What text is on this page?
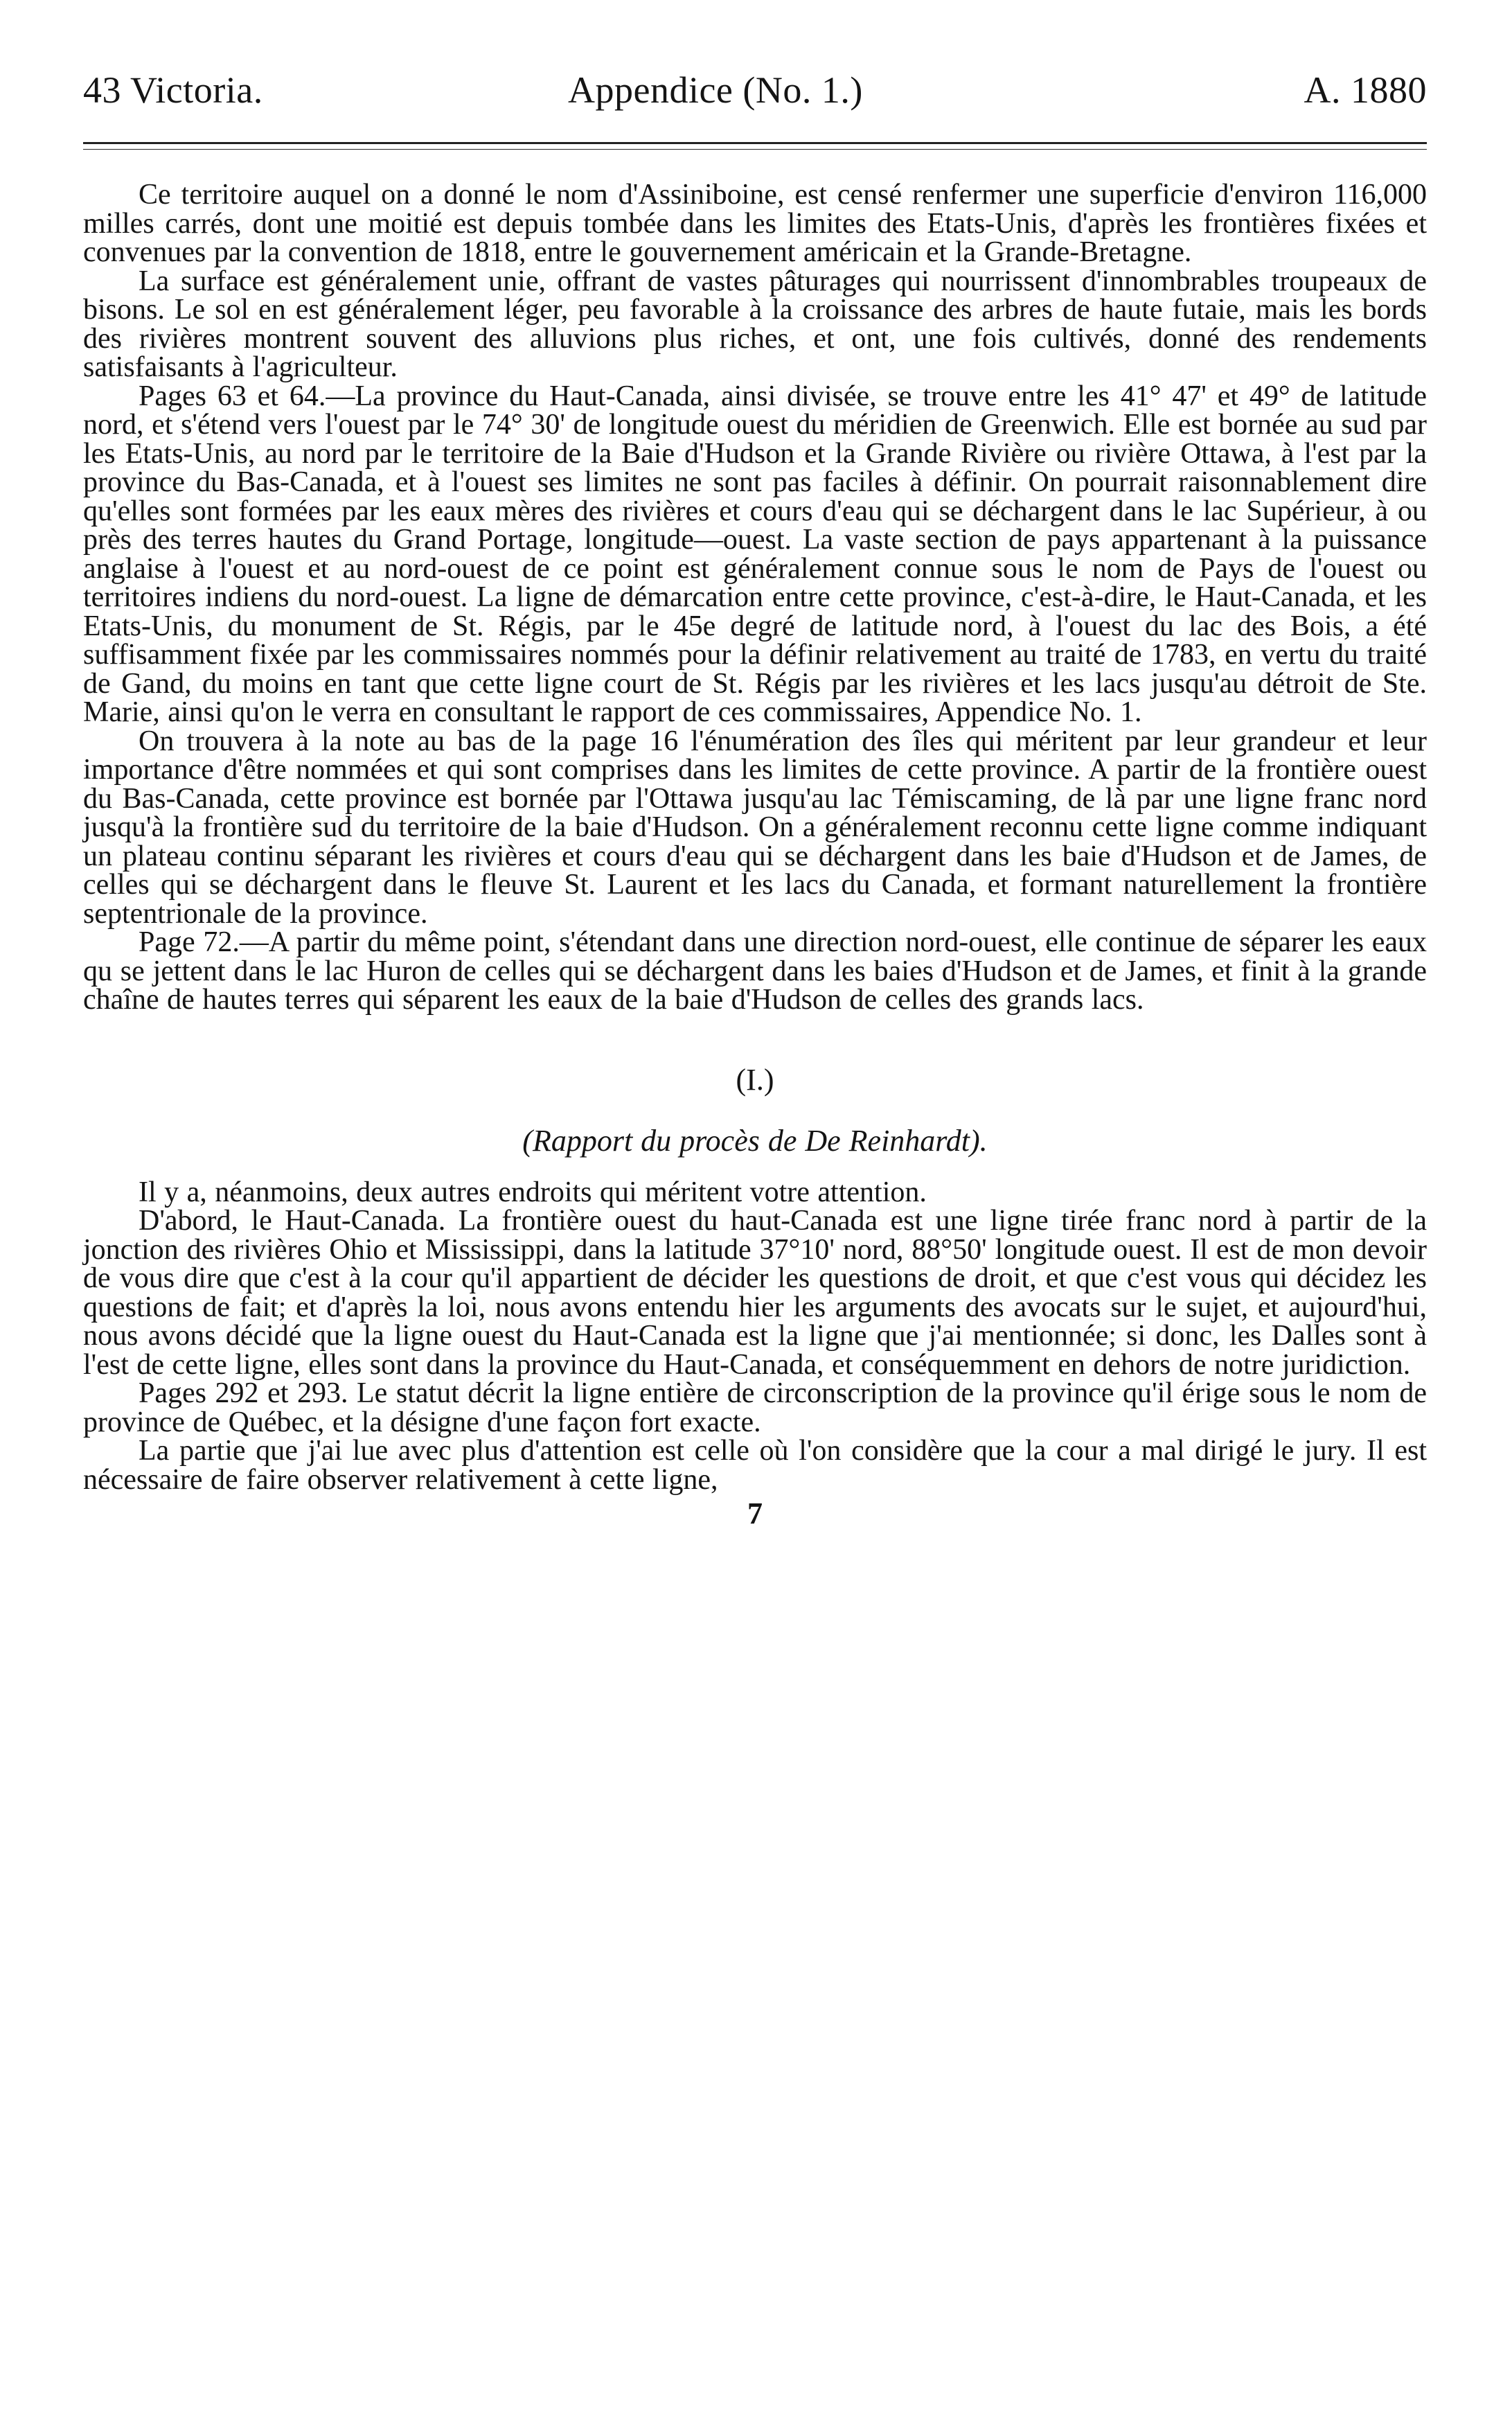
43 Victoria.	Appendice (No. 1.)	A. 1880

Ce territoire auquel on a donné le nom d'Assiniboine, est censé renfermer une superficie d'environ 116,000 milles carrés, dont une moitié est depuis tombée dans les limites des Etats-Unis, d'après les frontières fixées et convenues par la convention de 1818, entre le gouvernement américain et la Grande-Bretagne.

La surface est généralement unie, offrant de vastes pâturages qui nourrissent d'innombrables troupeaux de bisons. Le sol en est généralement léger, peu favorable à la croissance des arbres de haute futaie, mais les bords des rivières montrent souvent des alluvions plus riches, et ont, une fois cultivés, donné des rendements satisfaisants à l'agriculteur.

Pages 63 et 64.—La province du Haut-Canada, ainsi divisée, se trouve entre les 41° 47' et 49° de latitude nord, et s'étend vers l'ouest par le 74° 30' de longitude ouest du méridien de Greenwich. Elle est bornée au sud par les Etats-Unis, au nord par le territoire de la Baie d'Hudson et la Grande Rivière ou rivière Ottawa, à l'est par la province du Bas-Canada, et à l'ouest ses limites ne sont pas faciles à définir. On pourrait raisonnablement dire qu'elles sont formées par les eaux mères des rivières et cours d'eau qui se déchargent dans le lac Supérieur, à ou près des terres hautes du Grand Portage, longitude—ouest. La vaste section de pays appartenant à la puissance anglaise à l'ouest et au nord-ouest de ce point est généralement connue sous le nom de Pays de l'ouest ou territoires indiens du nord-ouest. La ligne de démarcation entre cette province, c'est-à-dire, le Haut-Canada, et les Etats-Unis, du monument de St. Régis, par le 45e degré de latitude nord, à l'ouest du lac des Bois, a été suffisamment fixée par les commissaires nommés pour la définir relativement au traité de 1783, en vertu du traité de Gand, du moins en tant que cette ligne court de St. Régis par les rivières et les lacs jusqu'au détroit de Ste. Marie, ainsi qu'on le verra en consultant le rapport de ces commissaires, Appendice No. 1.

On trouvera à la note au bas de la page 16 l'énumération des îles qui méritent par leur grandeur et leur importance d'être nommées et qui sont comprises dans les limites de cette province. A partir de la frontière ouest du Bas-Canada, cette province est bornée par l'Ottawa jusqu'au lac Témiscaming, de là par une ligne franc nord jusqu'à la frontière sud du territoire de la baie d'Hudson. On a généralement reconnu cette ligne comme indiquant un plateau continu séparant les rivières et cours d'eau qui se déchargent dans les baie d'Hudson et de James, de celles qui se déchargent dans le fleuve St. Laurent et les lacs du Canada, et formant naturellement la frontière septentrionale de la province.

Page 72.—A partir du même point, s'étendant dans une direction nord-ouest, elle continue de séparer les eaux qu se jettent dans le lac Huron de celles qui se déchargent dans les baies d'Hudson et de James, et finit à la grande chaîne de hautes terres qui séparent les eaux de la baie d'Hudson de celles des grands lacs.

(I.)
(Rapport du procès de De Reinhardt).

Il y a, néanmoins, deux autres endroits qui méritent votre attention.

D'abord, le Haut-Canada. La frontière ouest du haut-Canada est une ligne tirée franc nord à partir de la jonction des rivières Ohio et Mississippi, dans la latitude 37°10' nord, 88°50' longitude ouest. Il est de mon devoir de vous dire que c'est à la cour qu'il appartient de décider les questions de droit, et que c'est vous qui décidez les questions de fait; et d'après la loi, nous avons entendu hier les arguments des avocats sur le sujet, et aujourd'hui, nous avons décidé que la ligne ouest du Haut-Canada est la ligne que j'ai mentionnée; si donc, les Dalles sont à l'est de cette ligne, elles sont dans la province du Haut-Canada, et conséquemment en dehors de notre juridiction.

Pages 292 et 293. Le statut décrit la ligne entière de circonscription de la province qu'il érige sous le nom de province de Québec, et la désigne d'une façon fort exacte.

La partie que j'ai lue avec plus d'attention est celle où l'on considère que la cour a mal dirigé le jury. Il est nécessaire de faire observer relativement à cette ligne,

7
